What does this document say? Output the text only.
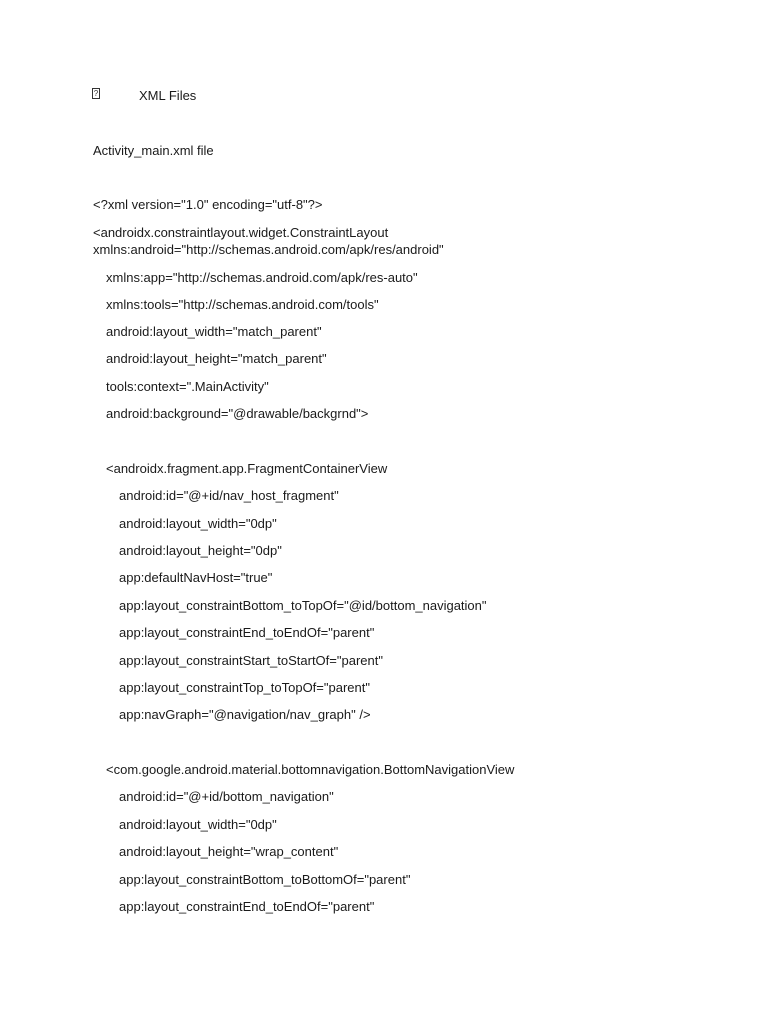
?	XML Files
Activity_main.xml file
<?xml version="1.0" encoding="utf-8"?>
<androidx.constraintlayout.widget.ConstraintLayout
xmlns:android="http://schemas.android.com/apk/res/android"
xmlns:app="http://schemas.android.com/apk/res-auto"
xmlns:tools="http://schemas.android.com/tools"
android:layout_width="match_parent"
android:layout_height="match_parent"
tools:context=".MainActivity"
android:background="@drawable/backgrnd">
<androidx.fragment.app.FragmentContainerView
android:id="@+id/nav_host_fragment"
android:layout_width="0dp"
android:layout_height="0dp"
app:defaultNavHost="true"
app:layout_constraintBottom_toTopOf="@id/bottom_navigation"
app:layout_constraintEnd_toEndOf="parent"
app:layout_constraintStart_toStartOf="parent"
app:layout_constraintTop_toTopOf="parent"
app:navGraph="@navigation/nav_graph" />
<com.google.android.material.bottomnavigation.BottomNavigationView
android:id="@+id/bottom_navigation"
android:layout_width="0dp"
android:layout_height="wrap_content"
app:layout_constraintBottom_toBottomOf="parent"
app:layout_constraintEnd_toEndOf="parent"
